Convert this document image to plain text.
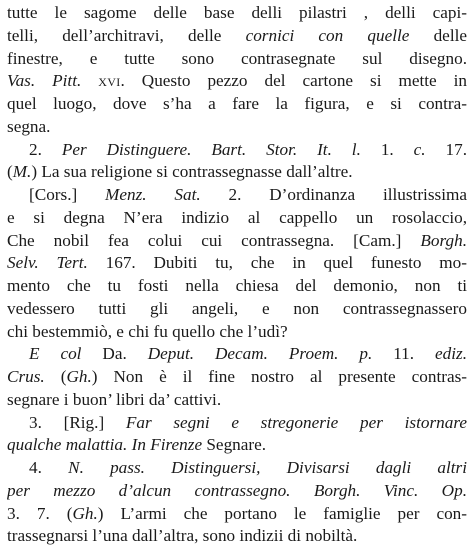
tutte le sagome delle base delli pilastri , delli capi-
telli, dell’architravi, delle cornici con quelle delle
finestre, e tutte sono contrasegnate sul disegno.
Vas. Pitt. xvi. Questo pezzo del cartone si mette in
quel luogo, dove s’ha a fare la figura, e si contra-
segna.
2. Per Distinguere. Bart. Stor. It. l. 1. c. 17.
(M.) La sua religione si contrassegnasse dall’altre.
[Cors.] Menz. Sat. 2. D’ordinanza illustrissima
e si degna N’era indizio al cappello un rosolaccio,
Che nobil fea colui cui contrassegna. [Cam.] Borgh.
Selv. Tert. 167. Dubiti tu, che in quel funesto mo-
mento che tu fosti nella chiesa del demonio, non ti
vedessero tutti gli angeli, e non contrassegnassero
chi bestemmiò, e chi fu quello che l’udì?
E col Da. Deput. Decam. Proem. p. 11. ediz.
Crus. (Gh.) Non è il fine nostro al presente contras-
segnare i buon’ libri da’ cattivi.
3. [Rig.] Far segni e stregonerie per istornare
qualche malattia. In Firenze Segnare.
4. N. pass. Distinguersi, Divisarsi dagli altri
per mezzo d’alcun contrassegno. Borgh. Vinc. Op.
3. 7. (Gh.) L’armi che portano le famiglie per con-
trassegnarsi l’una dall’altra, sono indizii di nobiltà.
